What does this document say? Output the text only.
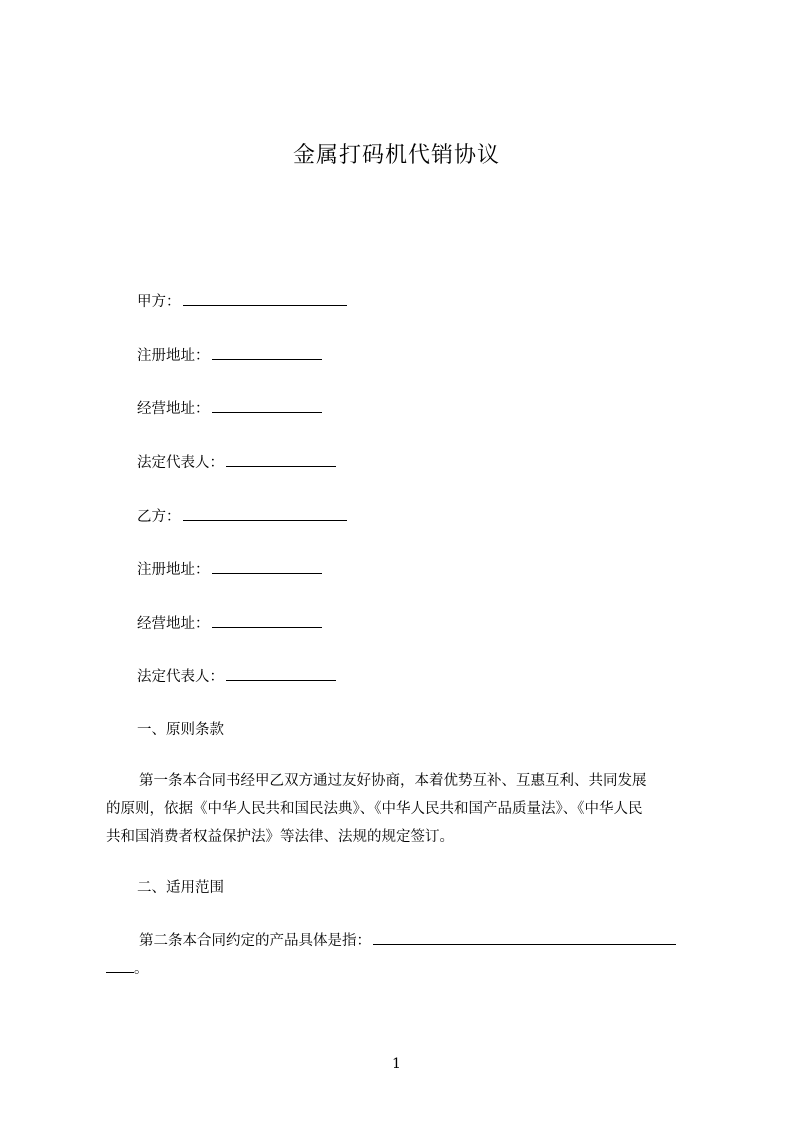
金属打码机代销协议
甲方：
注册地址：
经营地址：
法定代表人：
乙方：
注册地址：
经营地址：
法定代表人：
一、原则条款
第一条本合同书经甲乙双方通过友好协商，本着优势互补、互惠互利、共同发展
的原则，依据《中华人民共和国民法典》、《中华人民共和国产品质量法》、《中华人民
共和国消费者权益保护法》等法律、法规的规定签订。
二、适用范围
第二条本合同约定的产品具体是指：
。
1
